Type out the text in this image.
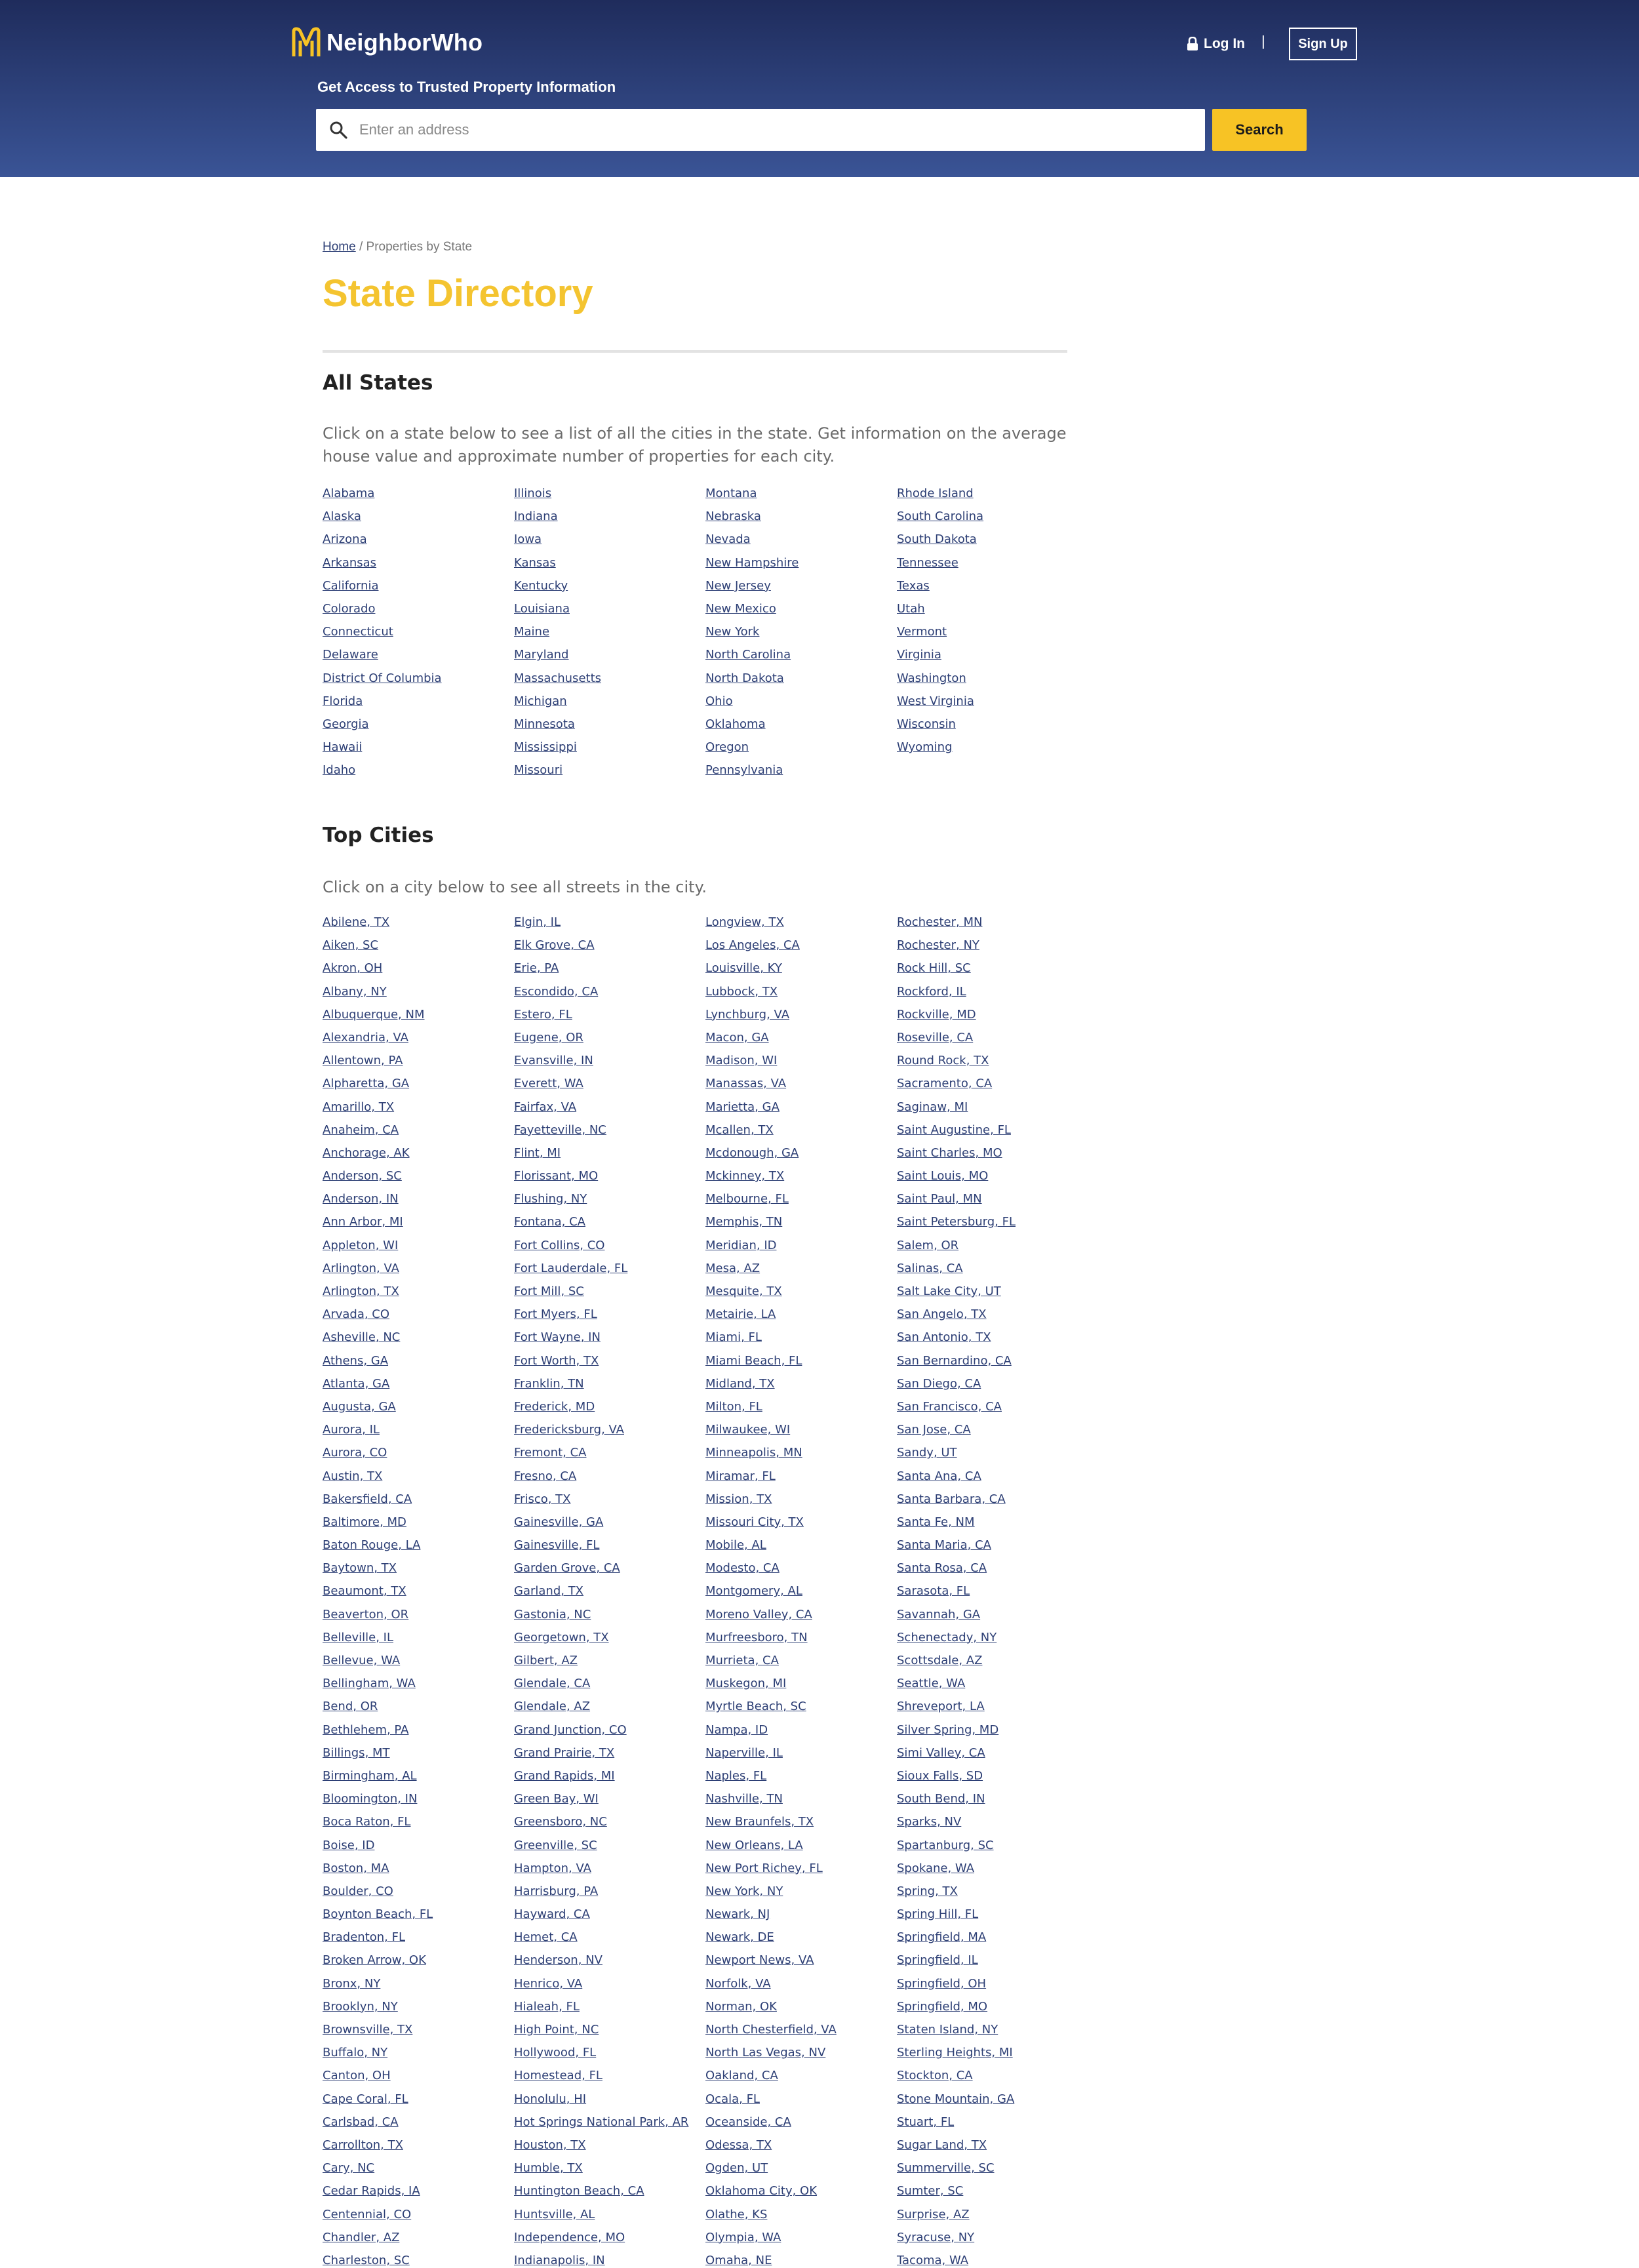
NeighborWho	Log In |	Sign Up
Get Access to Trusted Property Information
Enter an address
Search
Home / Properties by State
State Directory
All States

Click on a state below to see a list of all the cities in the state. Get information on the average house value and approximate number of properties for each city.

Alabama
Alaska
Arizona
Arkansas
California
Colorado
Connecticut
Delaware
District Of Columbia
Florida
Georgia
Hawaii
Idaho
Illinois
Indiana
Iowa
Kansas
Kentucky
Louisiana
Maine
Maryland
Massachusetts
Michigan
Minnesota
Mississippi
Missouri
Montana
Nebraska
Nevada
New Hampshire
New Jersey
New Mexico
New York
North Carolina
North Dakota
Ohio
Oklahoma
Oregon
Pennsylvania
Rhode Island
South Carolina
South Dakota
Tennessee
Texas
Utah
Vermont
Virginia
Washington
West Virginia
Wisconsin
Wyoming
Top Cities

Click on a city below to see all streets in the city.

Abilene, TX
Aiken, SC
Akron, OH
Albany, NY
Albuquerque, NM
Alexandria, VA
Allentown, PA
Alpharetta, GA
Amarillo, TX
Anaheim, CA
Anchorage, AK
Anderson, SC
Anderson, IN
Ann Arbor, MI
Appleton, WI
Arlington, VA
Arlington, TX
Arvada, CO
Asheville, NC
Athens, GA
Atlanta, GA
Augusta, GA
Aurora, IL
Aurora, CO
Austin, TX
Bakersfield, CA
Baltimore, MD
Baton Rouge, LA
Baytown, TX
Beaumont, TX
Beaverton, OR
Belleville, IL
Bellevue, WA
Bellingham, WA
Bend, OR
Bethlehem, PA
Billings, MT
Birmingham, AL
Bloomington, IN
Boca Raton, FL
Boise, ID
Boston, MA
Boulder, CO
Boynton Beach, FL
Bradenton, FL
Broken Arrow, OK
Bronx, NY
Brooklyn, NY
Brownsville, TX
Buffalo, NY
Canton, OH
Cape Coral, FL
Carlsbad, CA
Carrollton, TX
Cary, NC
Cedar Rapids, IA
Centennial, CO
Chandler, AZ
Charleston, SC
Elgin, IL
Elk Grove, CA
Erie, PA
Escondido, CA
Estero, FL
Eugene, OR
Evansville, IN
Everett, WA
Fairfax, VA
Fayetteville, NC
Flint, MI
Florissant, MO
Flushing, NY
Fontana, CA
Fort Collins, CO
Fort Lauderdale, FL
Fort Mill, SC
Fort Myers, FL
Fort Wayne, IN
Fort Worth, TX
Franklin, TN
Frederick, MD
Fredericksburg, VA
Fremont, CA
Fresno, CA
Frisco, TX
Gainesville, GA
Gainesville, FL
Garden Grove, CA
Garland, TX
Gastonia, NC
Georgetown, TX
Gilbert, AZ
Glendale, CA
Glendale, AZ
Grand Junction, CO
Grand Prairie, TX
Grand Rapids, MI
Green Bay, WI
Greensboro, NC
Greenville, SC
Hampton, VA
Harrisburg, PA
Hayward, CA
Hemet, CA
Henderson, NV
Henrico, VA
Hialeah, FL
High Point, NC
Hollywood, FL
Homestead, FL
Honolulu, HI
Hot Springs National Park, AR
Houston, TX
Humble, TX
Huntington Beach, CA
Huntsville, AL
Independence, MO
Indianapolis, IN
Longview, TX
Los Angeles, CA
Louisville, KY
Lubbock, TX
Lynchburg, VA
Macon, GA
Madison, WI
Manassas, VA
Marietta, GA
Mcallen, TX
Mcdonough, GA
Mckinney, TX
Melbourne, FL
Memphis, TN
Meridian, ID
Mesa, AZ
Mesquite, TX
Metairie, LA
Miami, FL
Miami Beach, FL
Midland, TX
Milton, FL
Milwaukee, WI
Minneapolis, MN
Miramar, FL
Mission, TX
Missouri City, TX
Mobile, AL
Modesto, CA
Montgomery, AL
Moreno Valley, CA
Murfreesboro, TN
Murrieta, CA
Muskegon, MI
Myrtle Beach, SC
Nampa, ID
Naperville, IL
Naples, FL
Nashville, TN
New Braunfels, TX
New Orleans, LA
New Port Richey, FL
New York, NY
Newark, NJ
Newark, DE
Newport News, VA
Norfolk, VA
Norman, OK
North Chesterfield, VA
North Las Vegas, NV
Oakland, CA
Ocala, FL
Oceanside, CA
Odessa, TX
Ogden, UT
Oklahoma City, OK
Olathe, KS
Olympia, WA
Omaha, NE
Rochester, MN
Rochester, NY
Rock Hill, SC
Rockford, IL
Rockville, MD
Roseville, CA
Round Rock, TX
Sacramento, CA
Saginaw, MI
Saint Augustine, FL
Saint Charles, MO
Saint Louis, MO
Saint Paul, MN
Saint Petersburg, FL
Salem, OR
Salinas, CA
Salt Lake City, UT
San Angelo, TX
San Antonio, TX
San Bernardino, CA
San Diego, CA
San Francisco, CA
San Jose, CA
Sandy, UT
Santa Ana, CA
Santa Barbara, CA
Santa Fe, NM
Santa Maria, CA
Santa Rosa, CA
Sarasota, FL
Savannah, GA
Schenectady, NY
Scottsdale, AZ
Seattle, WA
Shreveport, LA
Silver Spring, MD
Simi Valley, CA
Sioux Falls, SD
South Bend, IN
Sparks, NV
Spartanburg, SC
Spokane, WA
Spring, TX
Spring Hill, FL
Springfield, MA
Springfield, IL
Springfield, OH
Springfield, MO
Staten Island, NY
Sterling Heights, MI
Stockton, CA
Stone Mountain, GA
Stuart, FL
Sugar Land, TX
Summerville, SC
Sumter, SC
Surprise, AZ
Syracuse, NY
Tacoma, WA
